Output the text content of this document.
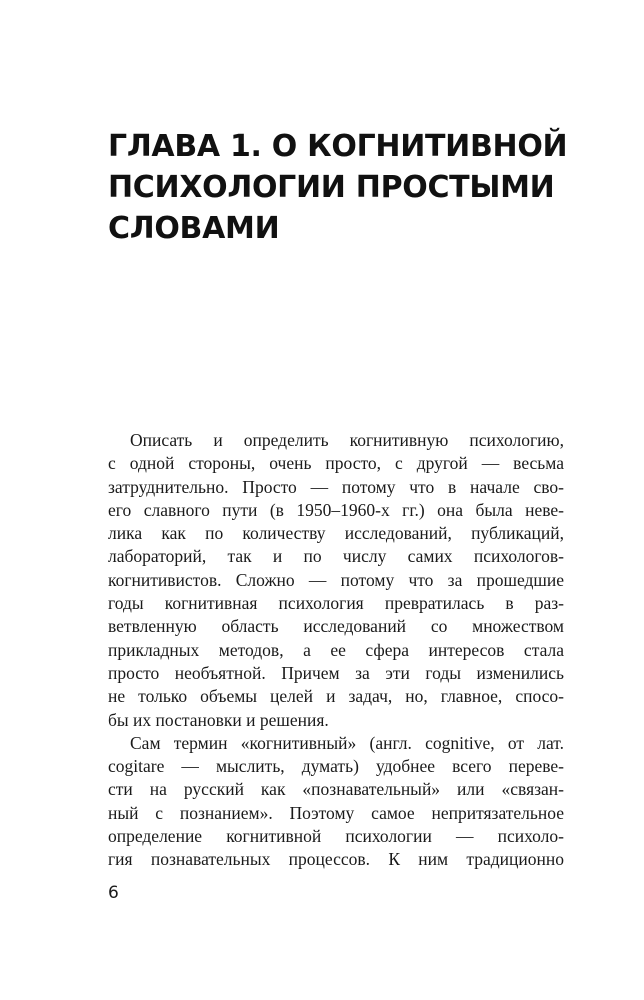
ГЛАВА 1. О КОГНИТИВНОЙ
ПСИХОЛОГИИ ПРОСТЫМИ
СЛОВАМИ
Описать и определить когнитивную психологию,
с одной стороны, очень просто, с другой — весьма
затруднительно. Просто — потому что в начале сво-
его славного пути (в 1950–1960-х гг.) она была неве-
лика как по количеству исследований, публикаций,
лабораторий, так и по числу самих психологов-
когнитивистов. Сложно — потому что за прошедшие
годы когнитивная психология превратилась в раз-
ветвленную область исследований со множеством
прикладных методов, а ее сфера интересов стала
просто необъятной. Причем за эти годы изменились
не только объемы целей и задач, но, главное, спосо-
бы их постановки и решения.
Сам термин «когнитивный» (англ. cognitive, от лат.
cogitare — мыслить, думать) удобнее всего переве-
сти на русский как «познавательный» или «связан-
ный с познанием». Поэтому самое непритязательное
определение когнитивной психологии — психоло-
гия познавательных процессов. К ним традиционно
6
